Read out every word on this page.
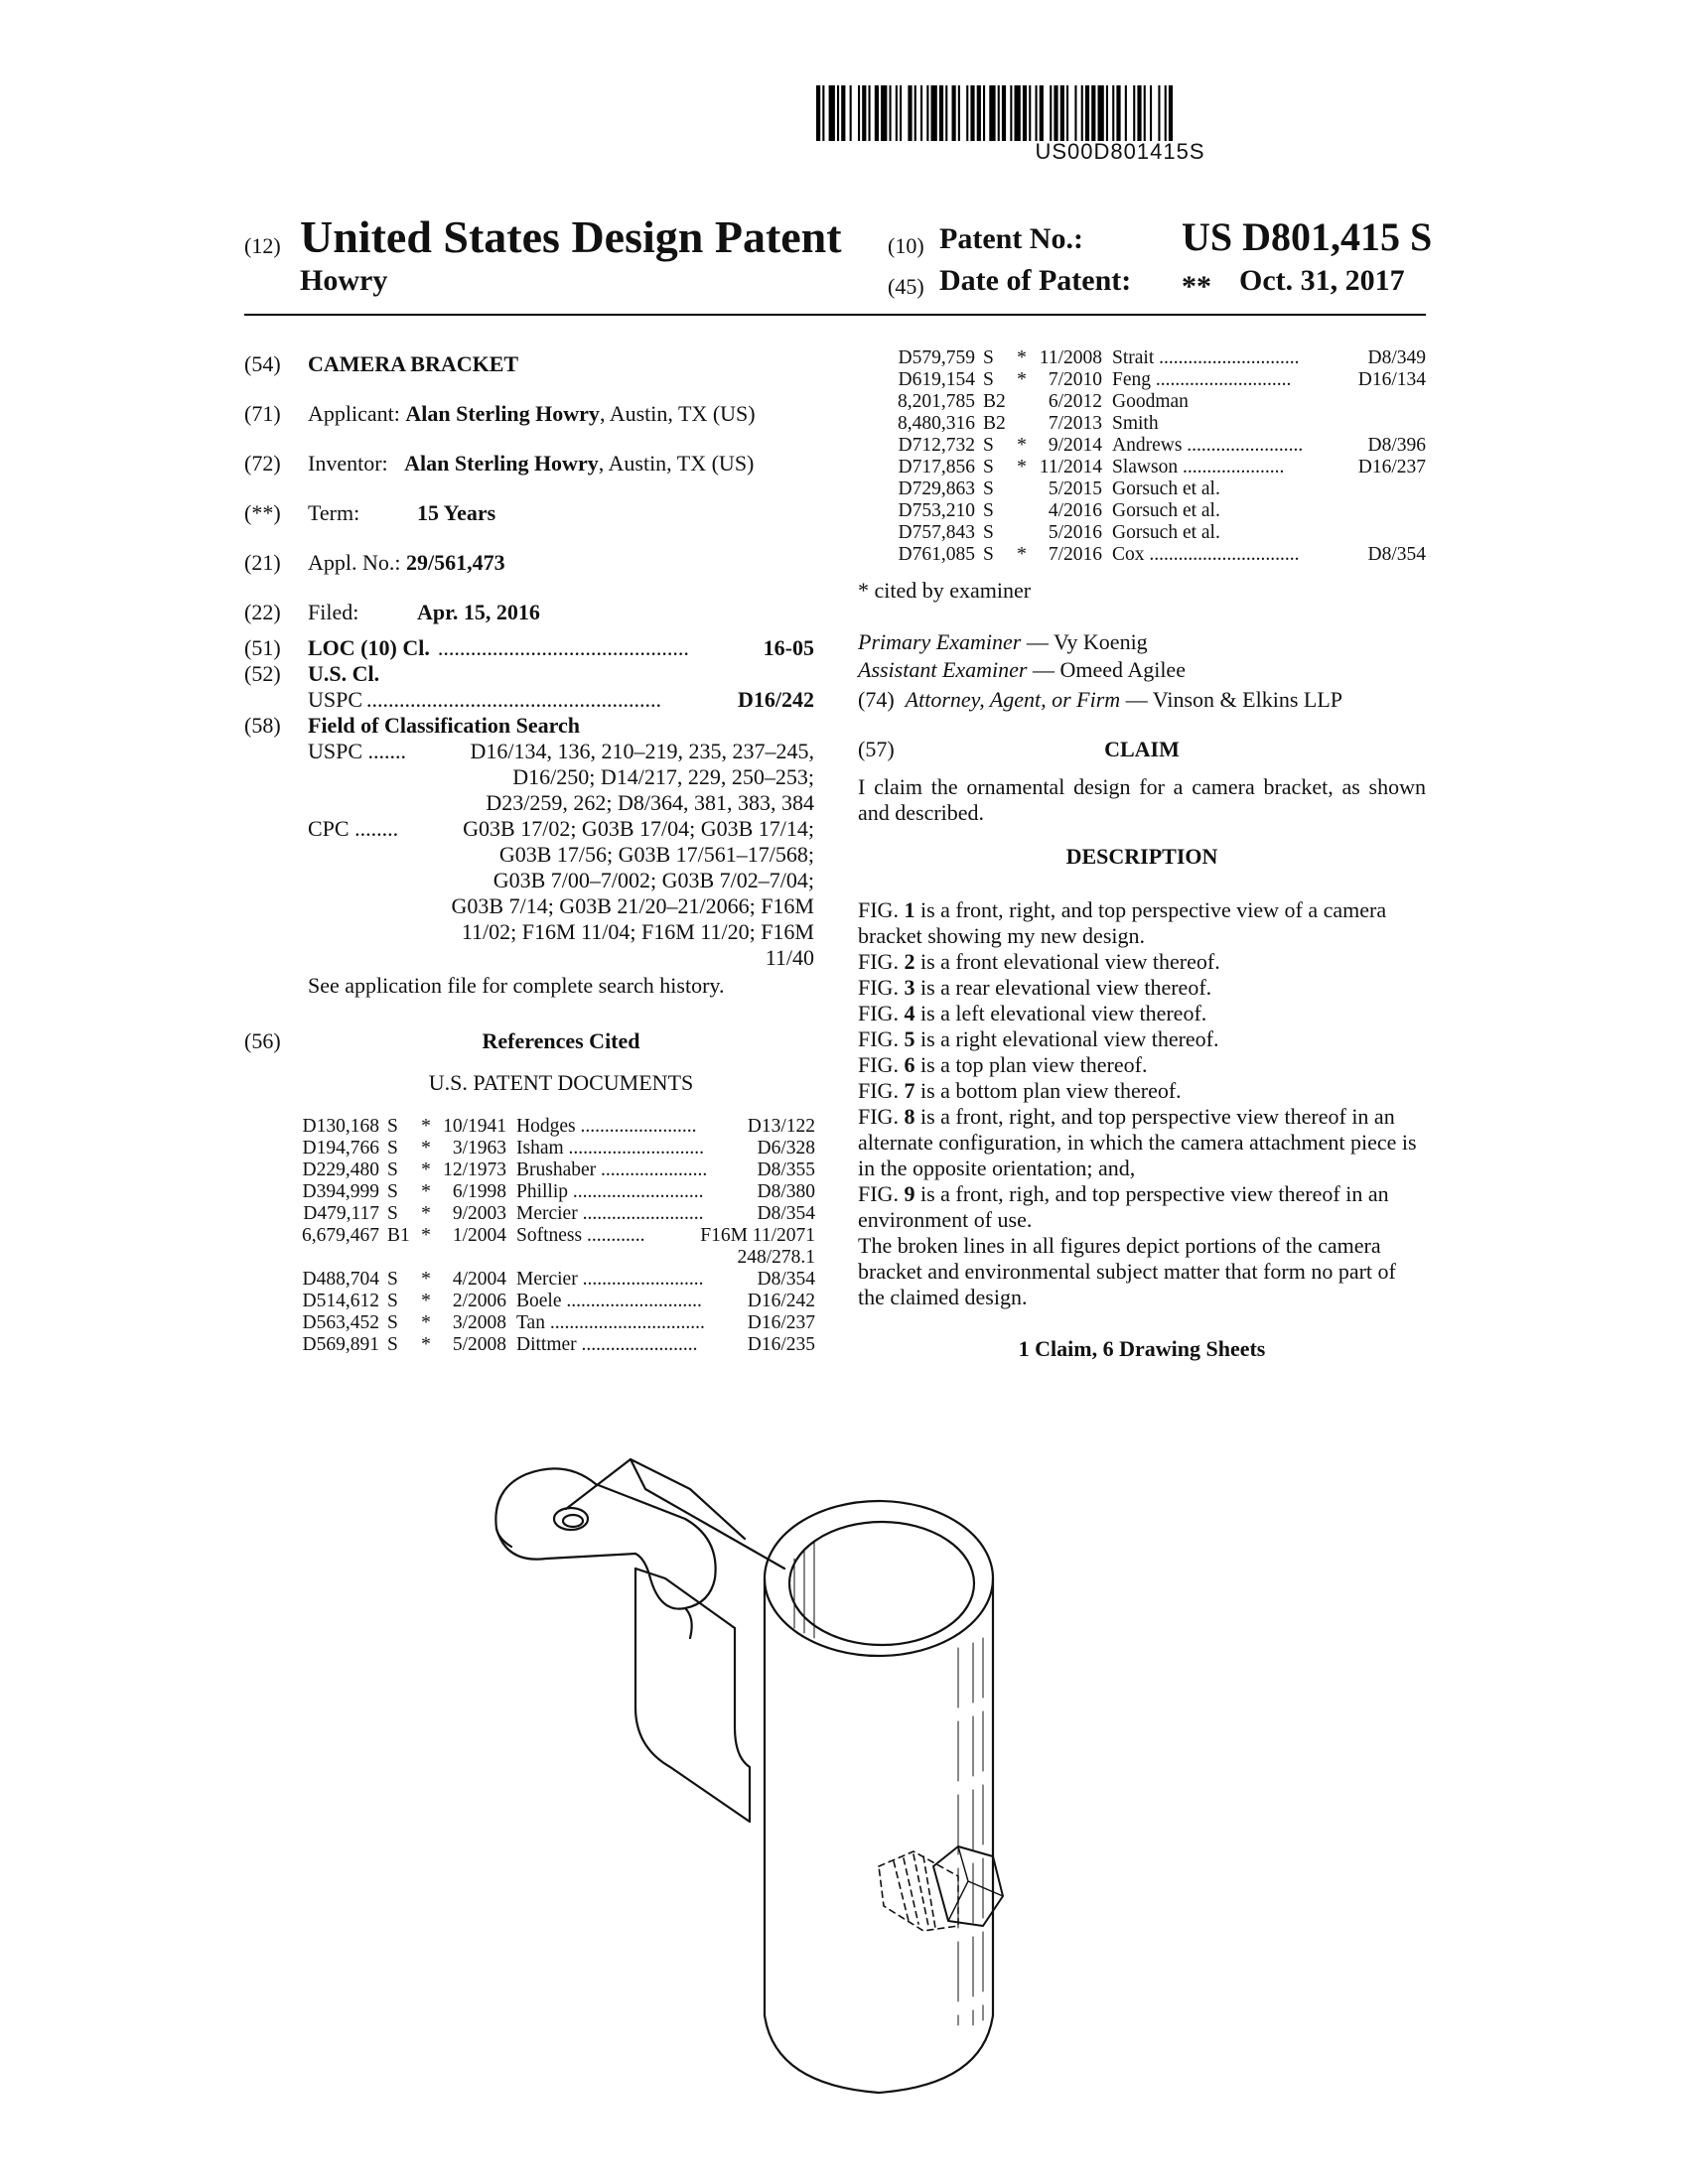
US00D801415S
(12) United States Design Patent
Howry
(10) Patent No.: US D801,415 S
(45) Date of Patent: ** Oct. 31, 2017
(54) CAMERA BRACKET
(71) Applicant: Alan Sterling Howry, Austin, TX (US)
(72) Inventor: Alan Sterling Howry, Austin, TX (US)
(**) Term:	15 Years
(21) Appl. No.: 29/561,473
(22) Filed:	Apr. 15, 2016
(51) LOC (10) Cl. ..............................................	16-05
(52) U.S. Cl.
USPC ......................................................	D16/242
(58) Field of Classification Search
USPC .......	D16/134, 136, 210–219, 235, 237–245,
D16/250; D14/217, 229, 250–253;
D23/259, 262; D8/364, 381, 383, 384
CPC ........	G03B 17/02; G03B 17/04; G03B 17/14;
G03B 17/56; G03B 17/561–17/568;
G03B 7/00–7/002; G03B 7/02–7/04;
G03B 7/14; G03B 21/20–21/2066; F16M
11/02; F16M 11/04; F16M 11/20; F16M
11/40
See application file for complete search history.
(56)	References Cited
U.S. PATENT DOCUMENTS
D130,168 S	* 10/1941 Hodges ........................	D13/122
D194,766 S	*	3/1963 Isham ............................	D6/328
D229,480 S	* 12/1973 Brushaber ......................	D8/355
D394,999 S	*	6/1998 Phillip ...........................	D8/380
D479,117 S	*	9/2003 Mercier .........................	D8/354
6,679,467 B1 *	1/2004 Softness ............	F16M 11/2071
248/278.1
D488,704 S	*	4/2004 Mercier .........................	D8/354
D514,612 S	*	2/2006 Boele ............................	D16/242
D563,452 S	*	3/2008 Tan ................................	D16/237
D569,891 S	*	5/2008 Dittmer ........................	D16/235
D579,759 S	* 11/2008 Strait .............................	D8/349
D619,154 S	*	7/2010 Feng ............................	D16/134
8,201,785 B2	6/2012 Goodman
8,480,316 B2	7/2013 Smith
D712,732 S	*	9/2014 Andrews ........................	D8/396
D717,856 S	* 11/2014 Slawson .....................	D16/237
D729,863 S	5/2015 Gorsuch et al.
D753,210 S	4/2016 Gorsuch et al.
D757,843 S	5/2016 Gorsuch et al.
D761,085 S	*	7/2016 Cox ...............................	D8/354
* cited by examiner
Primary Examiner — Vy Koenig
Assistant Examiner — Omeed Agilee
(74) Attorney, Agent, or Firm — Vinson & Elkins LLP
(57)	CLAIM
I claim the ornamental design for a camera bracket, as shown and described.
DESCRIPTION

FIG. 1 is a front, right, and top perspective view of a camera bracket showing my new design.

FIG. 2 is a front elevational view thereof.

FIG. 3 is a rear elevational view thereof.

FIG. 4 is a left elevational view thereof.

FIG. 5 is a right elevational view thereof.

FIG. 6 is a top plan view thereof.

FIG. 7 is a bottom plan view thereof.

FIG. 8 is a front, right, and top perspective view thereof in an alternate configuration, in which the camera attachment piece is in the opposite orientation; and,

FIG. 9 is a front, righ, and top perspective view thereof in an environment of use.

The broken lines in all figures depict portions of the camera bracket and environmental subject matter that form no part of the claimed design.

1 Claim, 6 Drawing Sheets
